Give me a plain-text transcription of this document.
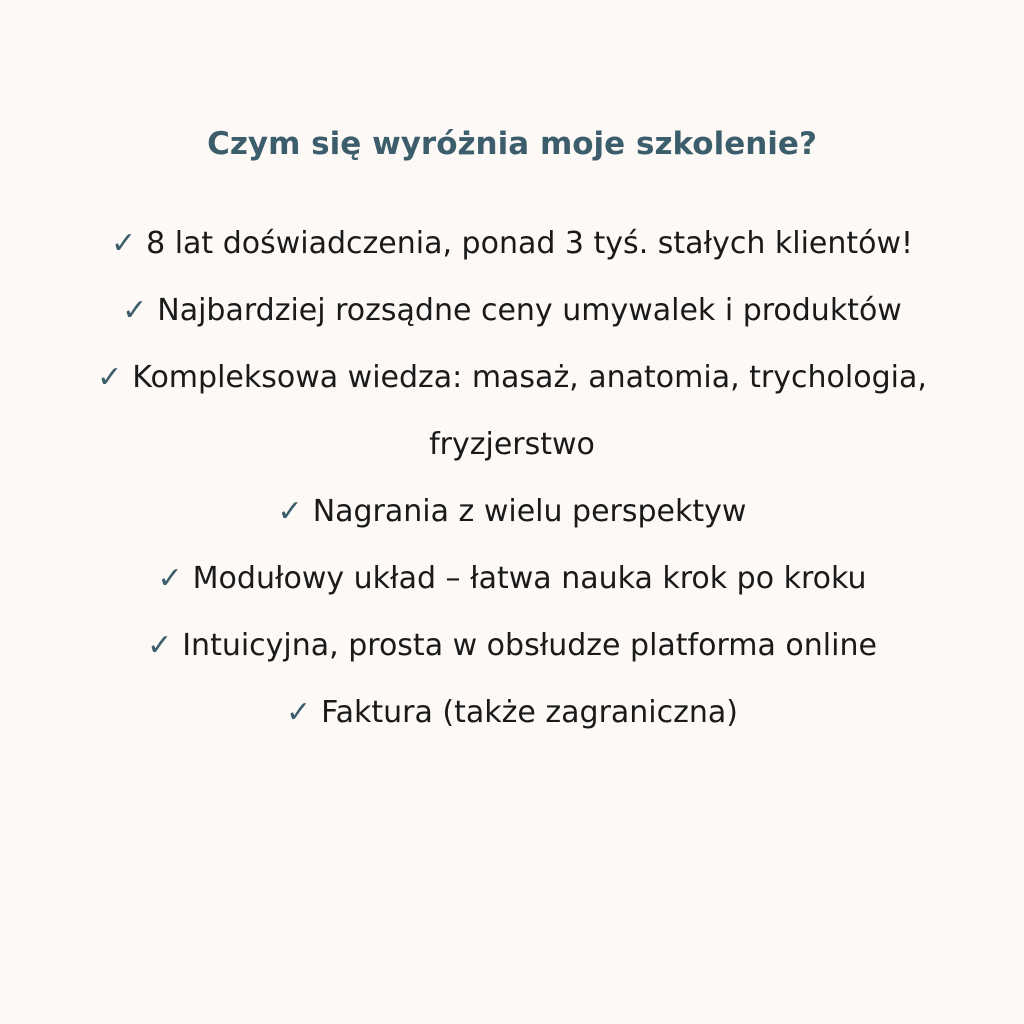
Czym się wyróżnia moje szkolenie?
✓ 8 lat doświadczenia, ponad 3 tyś. stałych klientów!
✓ Najbardziej rozsądne ceny umywalek i produktów
✓ Kompleksowa wiedza: masaż, anatomia, trychologia, fryzjerstwo
✓ Nagrania z wielu perspektyw
✓ Modułowy układ – łatwa nauka krok po kroku
✓ Intuicyjna, prosta w obsłudze platforma online
✓ Faktura (także zagraniczna)
